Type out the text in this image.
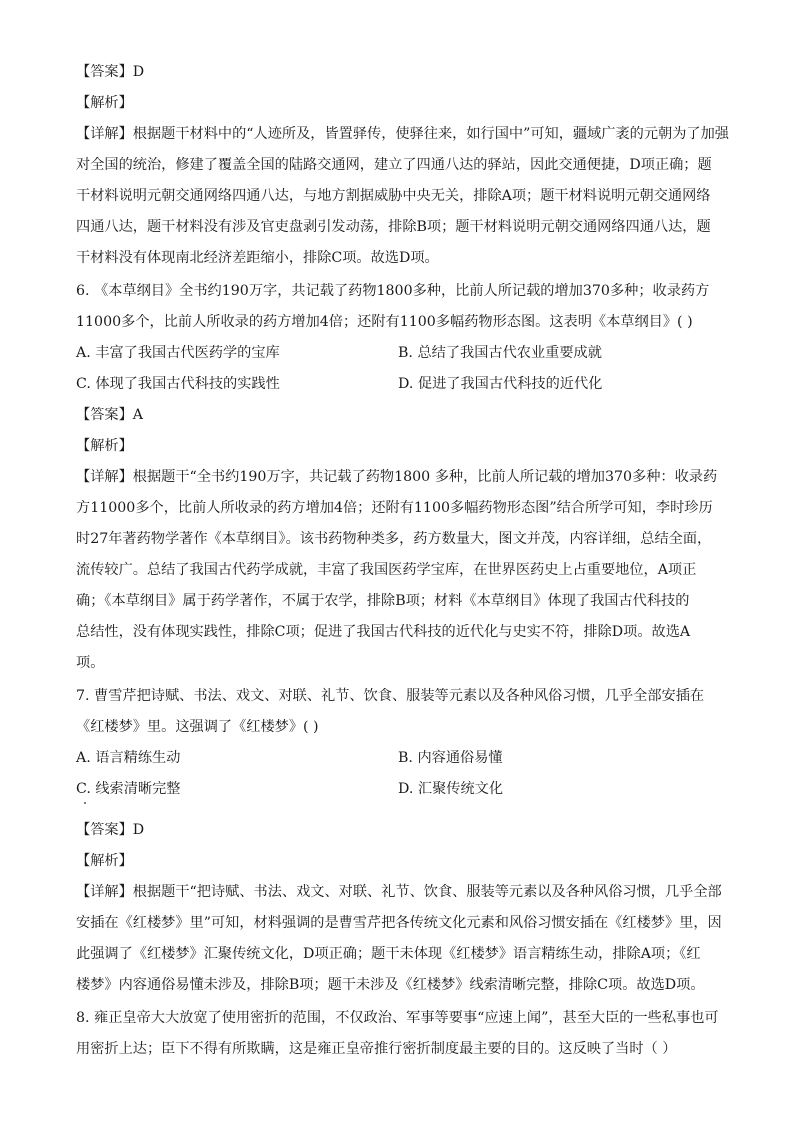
【答案】D
【解析】
【详解】根据题干材料中的“人迹所及，皆置驿传，使驿往来，如行国中”可知，疆域广袤的元朝为了加强
对全国的统治，修建了覆盖全国的陆路交通网，建立了四通八达的驿站，因此交通便捷，D项正确；题
干材料说明元朝交通网络四通八达，与地方割据威胁中央无关，排除A项；题干材料说明元朝交通网络
四通八达，题干材料没有涉及官吏盘剥引发动荡，排除B项；题干材料说明元朝交通网络四通八达，题
干材料没有体现南北经济差距缩小，排除C项。故选D项。
6. 《本草纲目》全书约190万字，共记载了药物1800多种，比前人所记载的增加370多种；收录药方
11000多个，比前人所收录的药方增加4倍；还附有1100多幅药物形态图。这表明《本草纲目》( )
A. 丰富了我国古代医药学的宝库	B. 总结了我国古代农业重要成就
C. 体现了我国古代科技的实践性	D. 促进了我国古代科技的近代化
【答案】A
【解析】
【详解】根据题干“全书约190万字，共记载了药物1800 多种，比前人所记载的增加370多种：收录药
方11000多个，比前人所收录的药方增加4倍；还附有1100多幅药物形态图”结合所学可知，李时珍历
时27年著药物学著作《本草纲目》。该书药物种类多，药方数量大，图文并茂，内容详细，总结全面，
流传较广。总结了我国古代药学成就，丰富了我国医药学宝库，在世界医药史上占重要地位，A项正
确；《本草纲目》属于药学著作，不属于农学，排除B项；材料《本草纲目》体现了我国古代科技的
总结性，没有体现实践性，排除C项；促进了我国古代科技的近代化与史实不符，排除D项。故选A
项。
7. 曹雪芹把诗赋、书法、戏文、对联、礼节、饮食、服装等元素以及各种风俗习惯，几乎全部安插在
《红楼梦》里。这强调了《红楼梦》( )
A. 语言精练生动	B. 内容通俗易懂
C. 线索清晰完整	D. 汇聚传统文化
【答案】D
【解析】
【详解】根据题干“把诗赋、书法、戏文、对联、礼节、饮食、服装等元素以及各种风俗习惯，几乎全部
安插在《红楼梦》里”可知，材料强调的是曹雪芹把各传统文化元素和风俗习惯安插在《红楼梦》里，因
此强调了《红楼梦》汇聚传统文化，D项正确；题干未体现《红楼梦》语言精练生动，排除A项；《红
楼梦》内容通俗易懂未涉及，排除B项；题干未涉及《红楼梦》线索清晰完整，排除C项。故选D项。
8. 雍正皇帝大大放宽了使用密折的范围，不仅政治、军事等要事“应速上闻”，甚至大臣的一些私事也可
用密折上达；臣下不得有所欺瞒，这是雍正皇帝推行密折制度最主要的目的。这反映了当时（ ）
